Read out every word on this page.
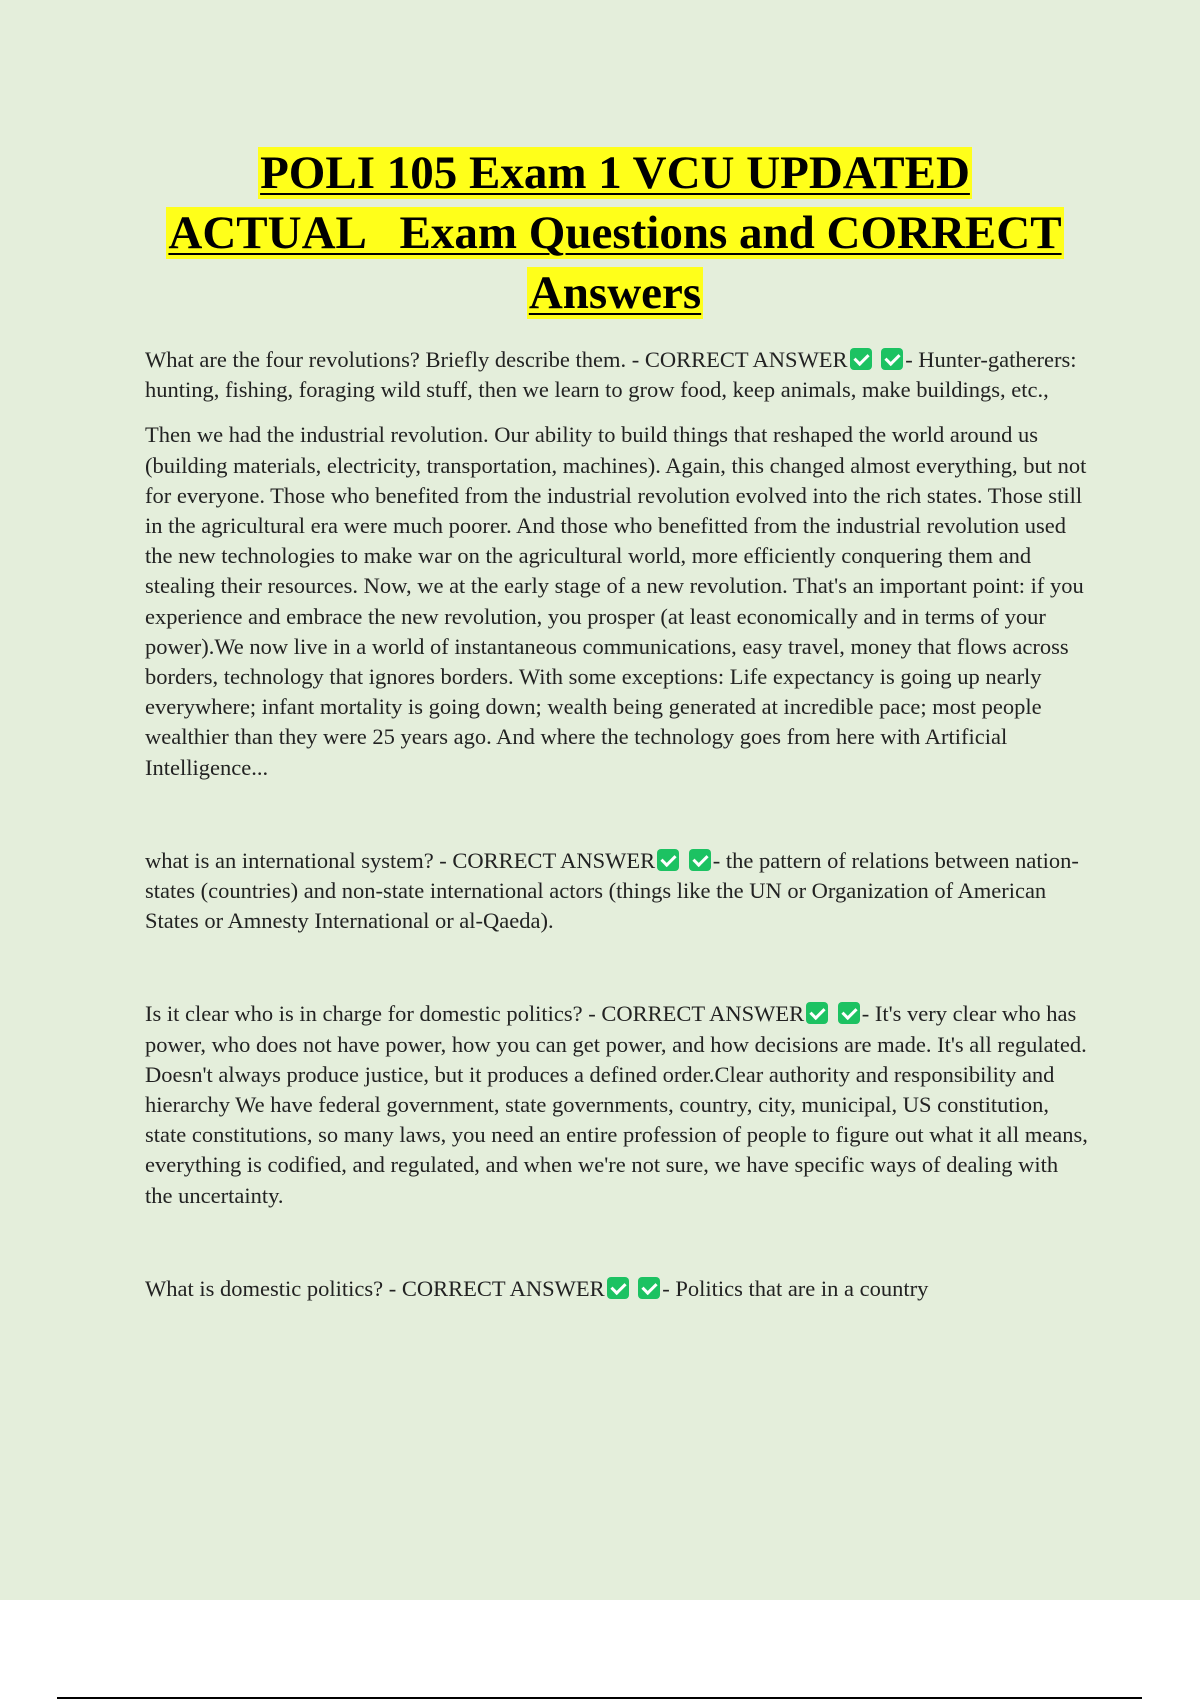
POLI 105 Exam 1 VCU UPDATED
ACTUAL   Exam Questions and CORRECT
Answers

What are the four revolutions? Briefly describe them. - CORRECT ANSWER	- Hunter-gatherers: hunting, fishing, foraging wild stuff, then we learn to grow food, keep animals, make buildings, etc.,

Then we had the industrial revolution. Our ability to build things that reshaped the world around us (building materials, electricity, transportation, machines). Again, this changed almost everything, but not for everyone. Those who benefited from the industrial revolution evolved into the rich states. Those still in the agricultural era were much poorer. And those who benefitted from the industrial revolution used the new technologies to make war on the agricultural world, more efficiently conquering them and stealing their resources. Now, we at the early stage of a new revolution. That's an important point: if you experience and embrace the new revolution, you prosper (at least economically and in terms of your power).We now live in a world of instantaneous communications, easy travel, money that flows across borders, technology that ignores borders. With some exceptions: Life expectancy is going up nearly everywhere; infant mortality is going down; wealth being generated at incredible pace; most people wealthier than they were 25 years ago. And where the technology goes from here with Artificial Intelligence...

what is an international system? - CORRECT ANSWER	- the pattern of relations between nation-states (countries) and non-state international actors (things like the UN or Organization of American States or Amnesty International or al-Qaeda).

Is it clear who is in charge for domestic politics? - CORRECT ANSWER	- It's very clear who has power, who does not have power, how you can get power, and how decisions are made. It's all regulated. Doesn't always produce justice, but it produces a defined order.Clear authority and responsibility and hierarchy We have federal government, state governments, country, city, municipal, US constitution, state constitutions, so many laws, you need an entire profession of people to figure out what it all means, everything is codified, and regulated, and when we're not sure, we have specific ways of dealing with the uncertainty.

What is domestic politics? - CORRECT ANSWER	- Politics that are in a country
